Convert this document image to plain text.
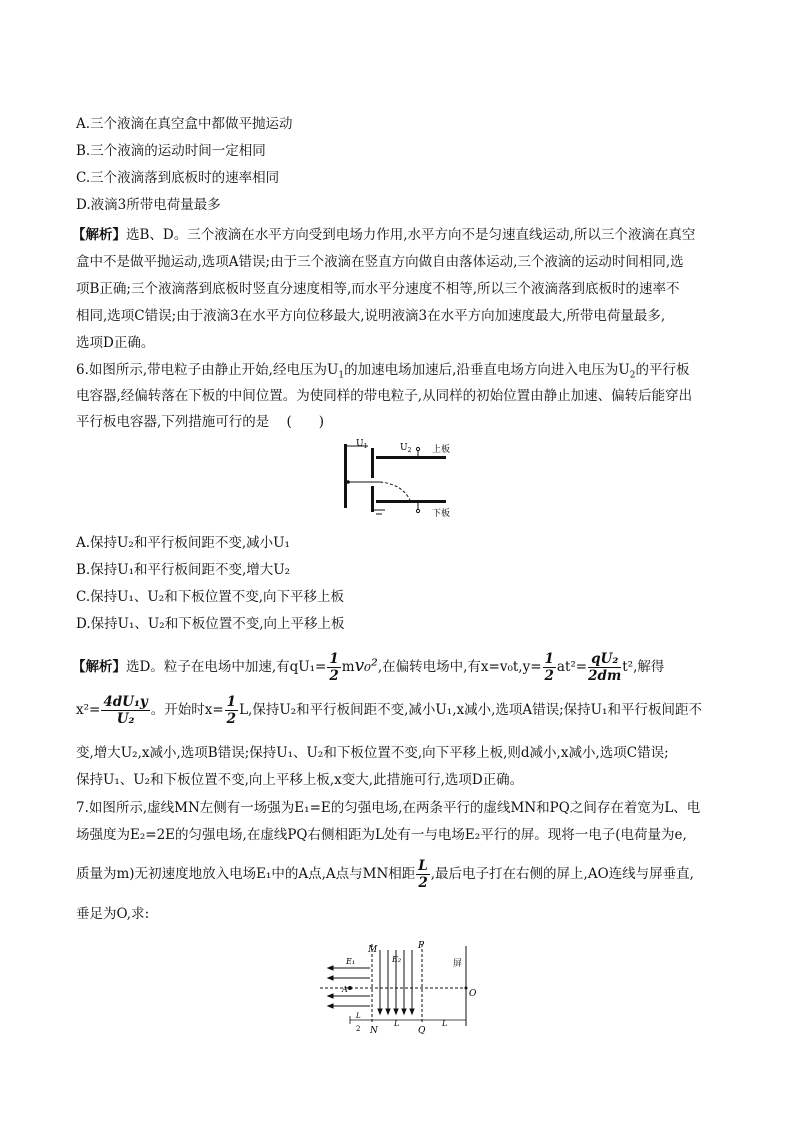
A.三个液滴在真空盒中都做平抛运动
B.三个液滴的运动时间一定相同
C.三个液滴落到底板时的速率相同
D.液滴3所带电荷量最多
【解析】选B、D。三个液滴在水平方向受到电场力作用,水平方向不是匀速直线运动,所以三个液滴在真空
盒中不是做平抛运动,选项A错误;由于三个液滴在竖直方向做自由落体运动,三个液滴的运动时间相同,选
项B正确;三个液滴落到底板时竖直分速度相等,而水平分速度不相等,所以三个液滴落到底板时的速率不
相同,选项C错误;由于液滴3在水平方向位移最大,说明液滴3在水平方向加速度最大,所带电荷量最多,
选项D正确。
6.如图所示,带电粒子由静止开始,经电压为$U_1$的加速电场加速后,沿垂直电场方向进入电压为$U_2$的平行板
电容器,经偏转落在下板的中间位置。为使同样的带电粒子,从同样的初始位置由静止加速、偏转后能穿出
平行板电容器,下列措施可行的是 (　　)
$U_1$	$U_2$ 上板
下板
A.保持U₂和平行板间距不变,减小U₁
B.保持U₁和平行板间距不变,增大U₂
C.保持U₁、U₂和下板位置不变,向下平移上板
D.保持U₁、U₂和下板位置不变,向上平移上板
【解析】选D。粒子在电场中加速,有$qU_1= \frac{1}{2}$ m𝑣₀²,在偏转电场中,有$x=v_0t,y= \frac{1}{2} at^2= \frac{\text{qU₂}}{2dm} t^2$,解得
$x^2= \frac{\text{4dU₁y}}{\text{U₂}}$ 。开始时$x= \frac{1}{2} L$,保持U₂和平行板间距不变,减小U₁,x减小,选项A错误;保持U₁和平行板间距不
变,增大U₂,x减小,选项B错误;保持U₁、U₂和下板位置不变,向下平移上板,则d减小,x减小,选项C错误;
保持U₁、U₂和下板位置不变,向上平移上板,x变大,此措施可行,选项D正确。
7.如图所示,虚线MN左侧有一场强为E₁=E的匀强电场,在两条平行的虚线MN和PQ之间存在着宽为L、电
场强度为E₂=2E的匀强电场,在虚线PQ右侧相距为L处有一与电场E₂平行的屏。现将一电子(电荷量为e,
质量为m)无初速度地放入电场E₁中的A点,A点与MN相距 $\frac{L}{2}$ ,最后电子打在右侧的屏上,AO连线与屏垂直,
垂足为O,求:
M
N
P
Q
E₁	E₂
A	O
屏
L	L
L
2
